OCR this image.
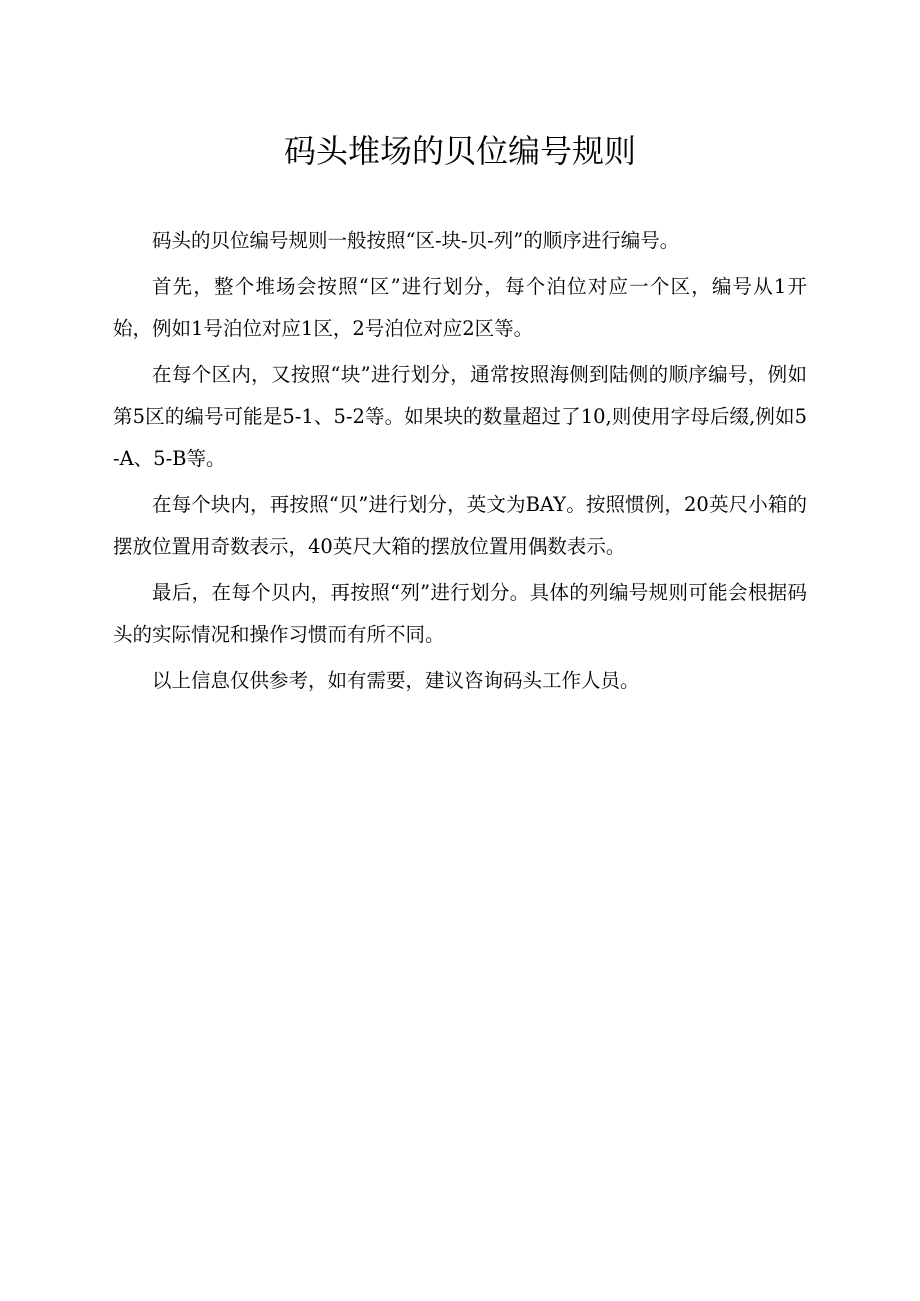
码头堆场的贝位编号规则

码头的贝位编号规则一般按照“区-块-贝-列”的顺序进行编号。

首先，整个堆场会按照“区”进行划分，每个泊位对应一个区，编号从1开始，例如1号泊位对应1区，2号泊位对应2区等。

在每个区内，又按照“块”进行划分，通常按照海侧到陆侧的顺序编号，例如第5区的编号可能是5-1、5-2等。如果块的数量超过了10,则使用字母后缀,例如5-A、5-B等。

在每个块内，再按照“贝”进行划分，英文为BAY。按照惯例，20英尺小箱的摆放位置用奇数表示，40英尺大箱的摆放位置用偶数表示。

最后，在每个贝内，再按照“列”进行划分。具体的列编号规则可能会根据码头的实际情况和操作习惯而有所不同。

以上信息仅供参考，如有需要，建议咨询码头工作人员。
